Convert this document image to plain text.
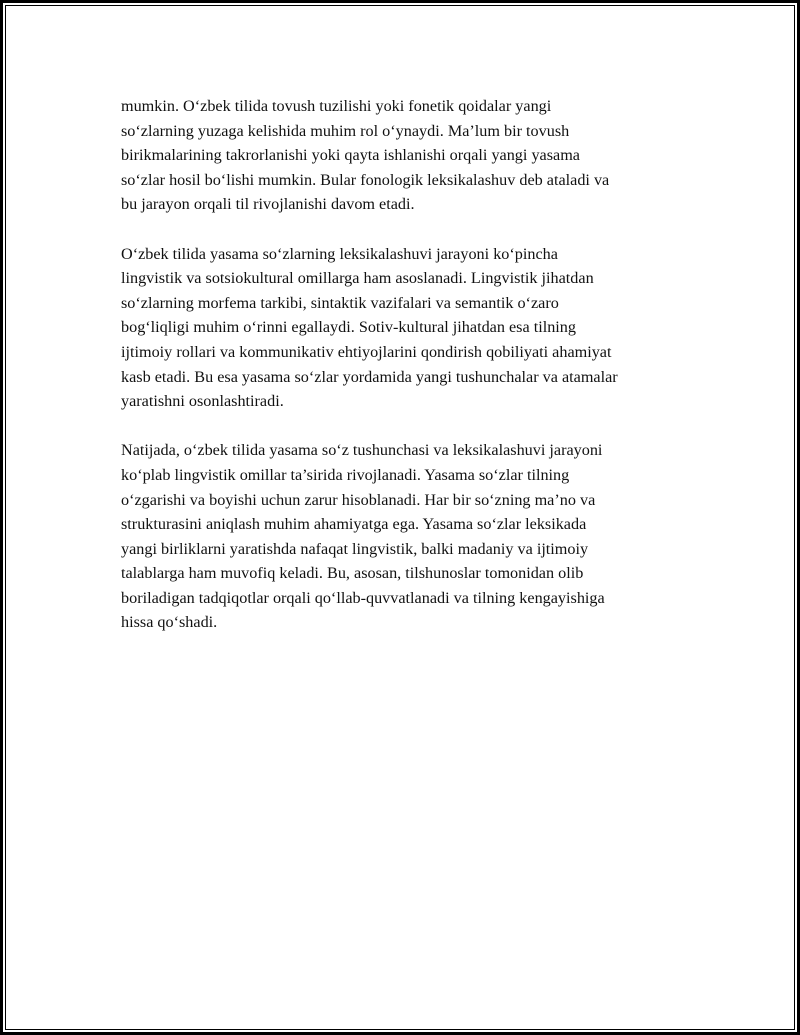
mumkin. O‘zbek tilida tovush tuzilishi yoki fonetik qoidalar yangi
so‘zlarning yuzaga kelishida muhim rol o‘ynaydi. Ma’lum bir tovush
birikmalarining takrorlanishi yoki qayta ishlanishi orqali yangi yasama
so‘zlar hosil bo‘lishi mumkin. Bular fonologik leksikalashuv deb ataladi va
bu jarayon orqali til rivojlanishi davom etadi.

O‘zbek tilida yasama so‘zlarning leksikalashuvi jarayoni ko‘pincha
lingvistik va sotsiokultural omillarga ham asoslanadi. Lingvistik jihatdan
so‘zlarning morfema tarkibi, sintaktik vazifalari va semantik o‘zaro
bog‘liqligi muhim o‘rinni egallaydi. Sotiv-kultural jihatdan esa tilning
ijtimoiy rollari va kommunikativ ehtiyojlarini qondirish qobiliyati ahamiyat
kasb etadi. Bu esa yasama so‘zlar yordamida yangi tushunchalar va atamalar
yaratishni osonlashtiradi.

Natijada, o‘zbek tilida yasama so‘z tushunchasi va leksikalashuvi jarayoni
ko‘plab lingvistik omillar ta’sirida rivojlanadi. Yasama so‘zlar tilning
o‘zgarishi va boyishi uchun zarur hisoblanadi. Har bir so‘zning ma’no va
strukturasini aniqlash muhim ahamiyatga ega. Yasama so‘zlar leksikada
yangi birliklarni yaratishda nafaqat lingvistik, balki madaniy va ijtimoiy
talablarga ham muvofiq keladi. Bu, asosan, tilshunoslar tomonidan olib
boriladigan tadqiqotlar orqali qo‘llab-quvvatlanadi va tilning kengayishiga
hissa qo‘shadi.
